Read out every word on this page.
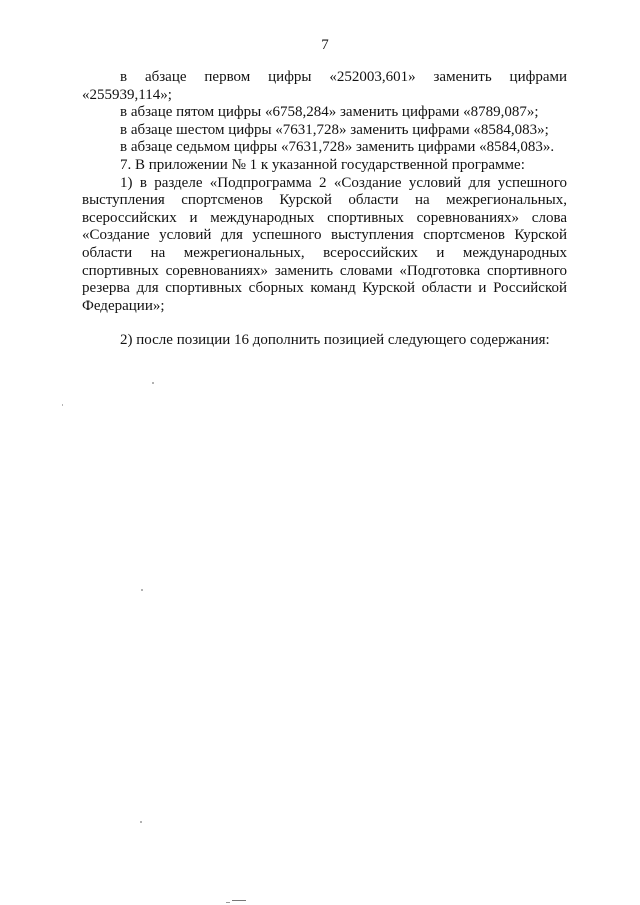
7
в абзаце первом цифры «252003,601» заменить цифрами
«255939,114»;
в абзаце пятом цифры «6758,284» заменить цифрами «8789,087»;
в абзаце шестом цифры «7631,728» заменить цифрами «8584,083»;
в абзаце седьмом цифры «7631,728» заменить цифрами «8584,083».
7. В приложении № 1 к указанной государственной программе:
1) в разделе «Подпрограмма 2 «Создание условий для успешного
выступления спортсменов Курской области на межрегиональных,
всероссийских и международных спортивных соревнованиях» слова
«Создание условий для успешного выступления спортсменов Курской
области на межрегиональных, всероссийских и международных
спортивных соревнованиях» заменить словами «Подготовка спортивного
резерва для спортивных сборных команд Курской области и Российской
Федерации»;
2) после позиции 16 дополнить позицией следующего содержания:
